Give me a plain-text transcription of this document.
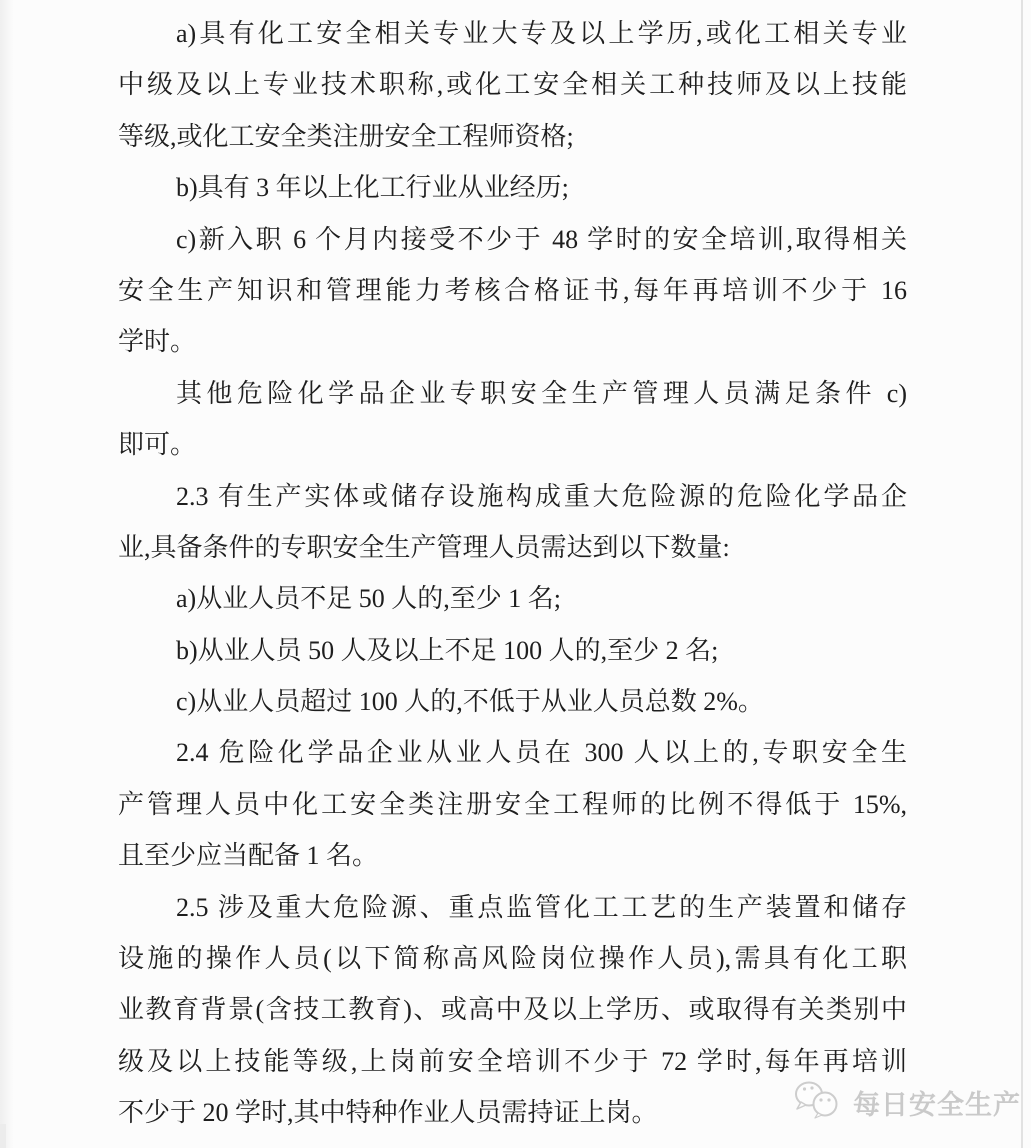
a)具有化工安全相关专业大专及以上学历,或化工相关专业
中级及以上专业技术职称,或化工安全相关工种技师及以上技能
等级,或化工安全类注册安全工程师资格;
b)具有 3 年以上化工行业从业经历;
c)新入职 6 个月内接受不少于 48 学时的安全培训,取得相关
安全生产知识和管理能力考核合格证书,每年再培训不少于 16
学时。
其他危险化学品企业专职安全生产管理人员满足条件 c)
即可。
2.3 有生产实体或储存设施构成重大危险源的危险化学品企
业,具备条件的专职安全生产管理人员需达到以下数量:
a)从业人员不足 50 人的,至少 1 名;
b)从业人员 50 人及以上不足 100 人的,至少 2 名;
c)从业人员超过 100 人的,不低于从业人员总数 2%。
2.4 危险化学品企业从业人员在 300 人以上的,专职安全生
产管理人员中化工安全类注册安全工程师的比例不得低于 15%,
且至少应当配备 1 名。
2.5 涉及重大危险源、重点监管化工工艺的生产装置和储存
设施的操作人员(以下简称高风险岗位操作人员),需具有化工职
业教育背景(含技工教育)、或高中及以上学历、或取得有关类别中
级及以上技能等级,上岗前安全培训不少于 72 学时,每年再培训
不少于 20 学时,其中特种作业人员需持证上岗。	每日安全生产
